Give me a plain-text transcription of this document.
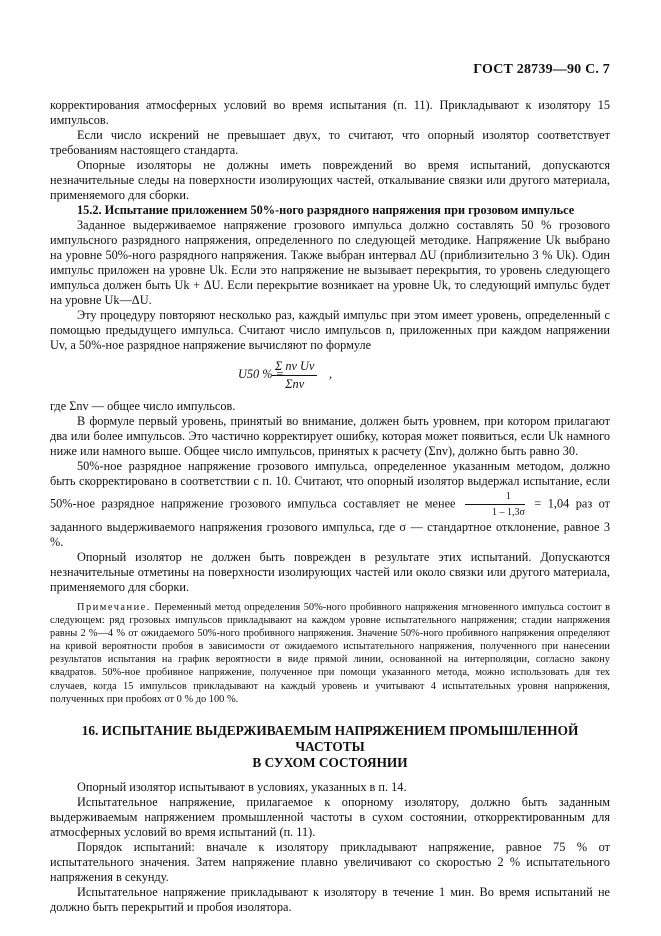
ГОСТ 28739—90 С. 7

корректирования атмосферных условий во время испытания (п. 11). Прикладывают к изолятору 15 импульсов.

Если число искрений не превышает двух, то считают, что опорный изолятор соответствует требованиям настоящего стандарта.

Опорные изоляторы не должны иметь повреждений во время испытаний, допускаются незначительные следы на поверхности изолирующих частей, откалывание связки или другого материала, применяемого для сборки.

15.2. Испытание приложением 50%-ного разрядного напряжения при грозовом импульсе

Заданное выдерживаемое напряжение грозового импульса должно составлять 50 % грозового импульсного разрядного напряжения, определенного по следующей методике. Напряжение Uk выбрано на уровне 50%-ного разрядного напряжения. Также выбран интервал ΔU (приблизительно 3 % Uk). Один импульс приложен на уровне Uk. Если это напряжение не вызывает перекрытия, то уровень следующего импульса должен быть Uk + ΔU. Если перекрытие возникает на уровне Uk, то следующий импульс будет на уровне Uk—ΔU.

Эту процедуру повторяют несколько раз, каждый импульс при этом имеет уровень, определенный с помощью предыдущего импульса. Считают число импульсов n, приложенных при каждом напряжении Uv, а 50%-ное разрядное напряжение вычисляют по формуле

U50 % =
Σ nv Uv
Σnv
,

где Σnv — общее число импульсов.

В формуле первый уровень, принятый во внимание, должен быть уровнем, при котором прилагают два или более импульсов. Это частично корректирует ошибку, которая может появиться, если Uk намного ниже или намного выше. Общее число импульсов, принятых к расчету (Σnv), должно быть равно 30.

50%-ное разрядное напряжение грозового импульса, определенное указанным методом, должно быть скорректировано в соответствии с п. 10. Считают, что опорный изолятор выдержал испытание, если 50%-ное разрядное напряжение грозового импульса составляет не менее $\frac{1}{1 - 1,3\sigma} = 1,04$ раз от заданного выдерживаемого напряжения грозового импульса, где σ — стандартное отклонение, равное 3 %.

Опорный изолятор не должен быть поврежден в результате этих испытаний. Допускаются незначительные отметины на поверхности изолирующих частей или около связки или другого материала, применяемого для сборки.

Примечание. Переменный метод определения 50%-ного пробивного напряжения мгновенного импульса состоит в следующем: ряд грозовых импульсов прикладывают на каждом уровне испытательного напряжения; стадии напряжения равны 2 %—4 % от ожидаемого 50%-ного пробивного напряжения. Значение 50%-ного пробивного напряжения определяют на кривой вероятности пробоя в зависимости от ожидаемого испытательного напряжения, полученного при нанесении результатов испытания на график вероятности в виде прямой линии, основанной на интерполяции, согласно закону квадратов. 50%-ное пробивное напряжение, полученное при помощи указанного метода, можно использовать для тех случаев, когда 15 импульсов прикладывают на каждый уровень и учитывают 4 испытательных уровня напряжения, полученных при пробоях от 0 % до 100 %.

16. ИСПЫТАНИЕ ВЫДЕРЖИВАЕМЫМ НАПРЯЖЕНИЕМ ПРОМЫШЛЕННОЙ ЧАСТОТЫ
В СУХОМ СОСТОЯНИИ

Опорный изолятор испытывают в условиях, указанных в п. 14.

Испытательное напряжение, прилагаемое к опорному изолятору, должно быть заданным выдерживаемым напряжением промышленной частоты в сухом состоянии, откорректированным для атмосферных условий во время испытаний (п. 11).

Порядок испытаний: вначале к изолятору прикладывают напряжение, равное 75 % от испытательного значения. Затем напряжение плавно увеличивают со скоростью 2 % испытательного напряжения в секунду.

Испытательное напряжение прикладывают к изолятору в течение 1 мин. Во время испытаний не должно быть перекрытий и пробоя изолятора.
